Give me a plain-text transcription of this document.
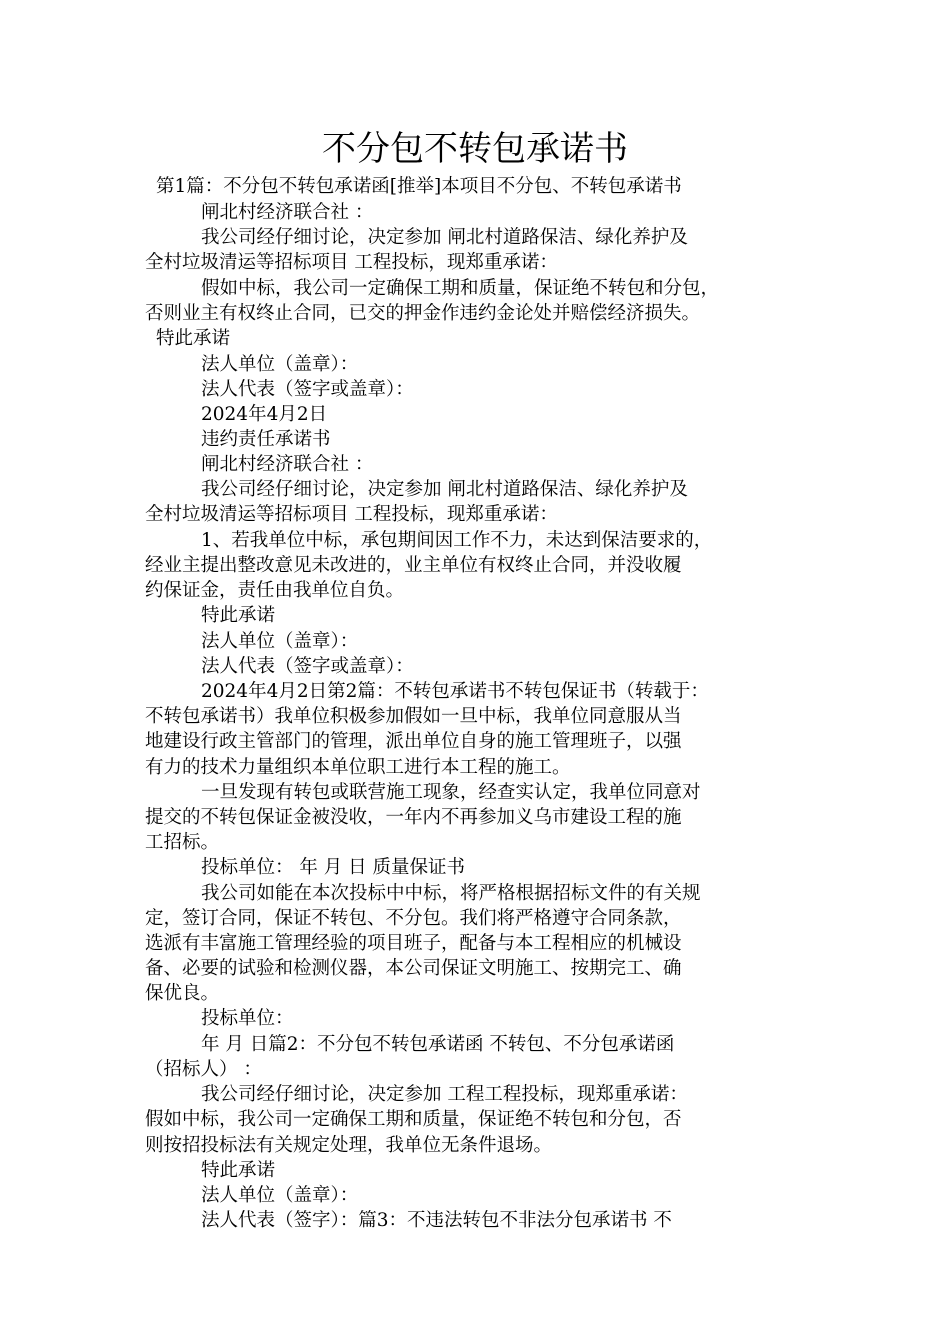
不分包不转包承诺书
第1篇：不分包不转包承诺函[推举]本项目不分包、不转包承诺书
闸北村经济联合社 ：
我公司经仔细讨论，决定参加 闸北村道路保洁、绿化养护及
全村垃圾清运等招标项目 工程投标，现郑重承诺：
假如中标，我公司一定确保工期和质量，保证绝不转包和分包，
否则业主有权终止合同，已交的押金作违约金论处并赔偿经济损失。
特此承诺
法人单位（盖章）：
法人代表（签字或盖章）：
2024年4月2日
违约责任承诺书
闸北村经济联合社 ：
我公司经仔细讨论，决定参加 闸北村道路保洁、绿化养护及
全村垃圾清运等招标项目 工程投标，现郑重承诺：
1、若我单位中标，承包期间因工作不力，未达到保洁要求的，
经业主提出整改意见未改进的，业主单位有权终止合同，并没收履
约保证金，责任由我单位自负。
特此承诺
法人单位（盖章）：
法人代表（签字或盖章）：
2024年4月2日第2篇：不转包承诺书不转包保证书（转载于：
不转包承诺书）我单位积极参加假如一旦中标，我单位同意服从当
地建设行政主管部门的管理，派出单位自身的施工管理班子，以强
有力的技术力量组织本单位职工进行本工程的施工。
一旦发现有转包或联营施工现象，经查实认定，我单位同意对
提交的不转包保证金被没收，一年内不再参加义乌市建设工程的施
工招标。
投标单位： 年 月 日 质量保证书
我公司如能在本次投标中中标，将严格根据招标文件的有关规
定，签订合同，保证不转包、不分包。我们将严格遵守合同条款，
选派有丰富施工管理经验的项目班子，配备与本工程相应的机械设
备、必要的试验和检测仪器，本公司保证文明施工、按期完工、确
保优良。
投标单位：
年 月 日篇2：不分包不转包承诺函 不转包、不分包承诺函
（招标人） ：
我公司经仔细讨论，决定参加 工程工程投标，现郑重承诺：
假如中标，我公司一定确保工期和质量，保证绝不转包和分包，否
则按招投标法有关规定处理，我单位无条件退场。
特此承诺
法人单位（盖章）：
法人代表（签字）：篇3：不违法转包不非法分包承诺书 不
